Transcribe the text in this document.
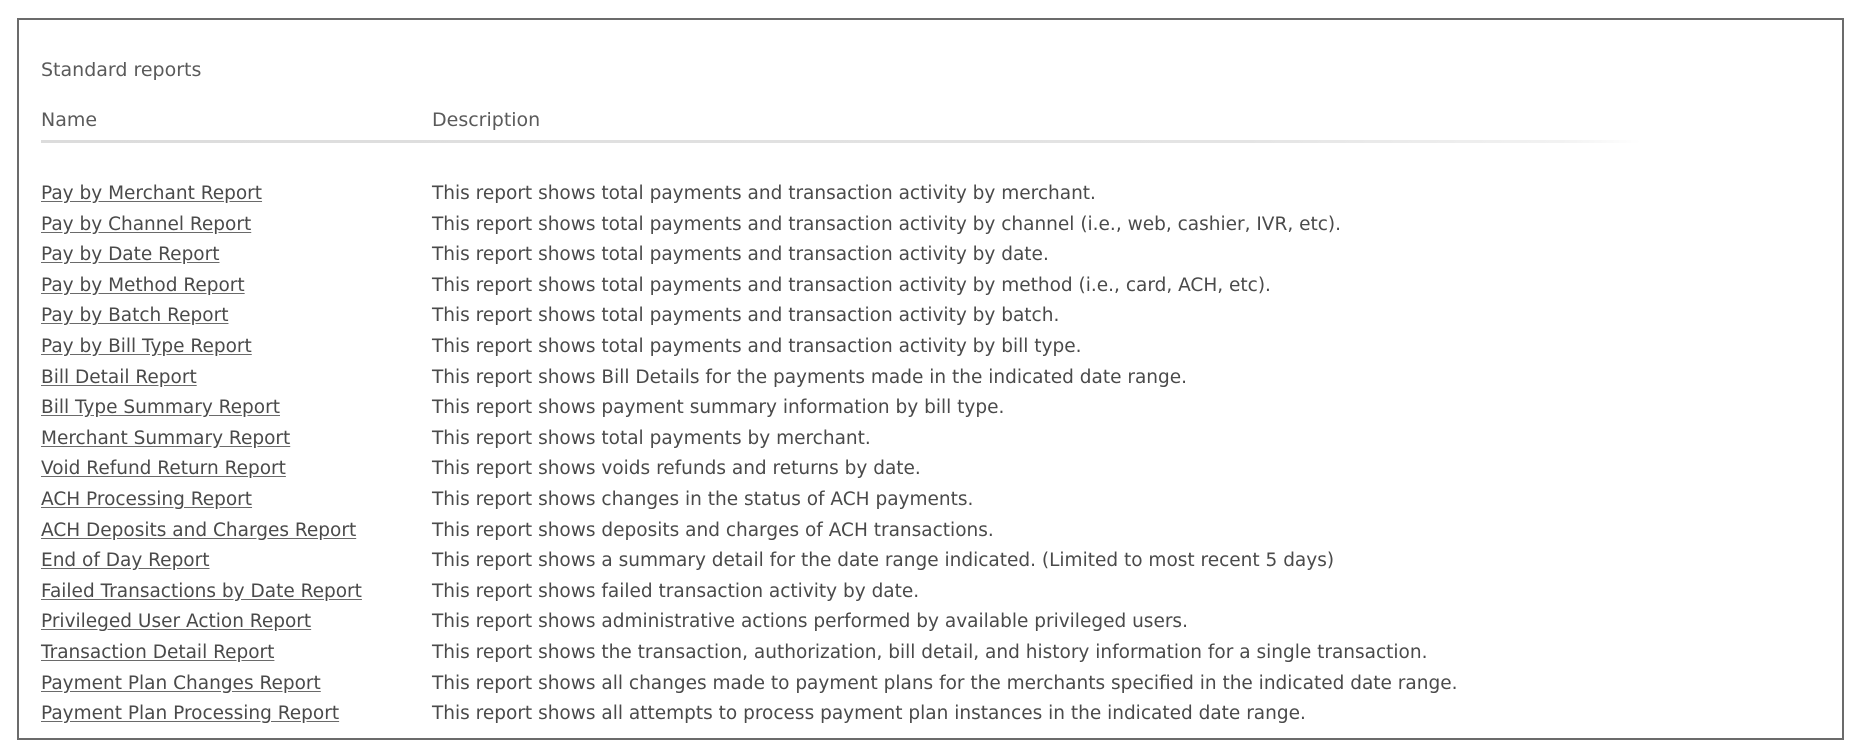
Standard reports
Name	Description
Pay by Merchant Report	This report shows total payments and transaction activity by merchant.
Pay by Channel Report	This report shows total payments and transaction activity by channel (i.e., web, cashier, IVR, etc).
Pay by Date Report	This report shows total payments and transaction activity by date.
Pay by Method Report	This report shows total payments and transaction activity by method (i.e., card, ACH, etc).
Pay by Batch Report	This report shows total payments and transaction activity by batch.
Pay by Bill Type Report	This report shows total payments and transaction activity by bill type.
Bill Detail Report	This report shows Bill Details for the payments made in the indicated date range.
Bill Type Summary Report	This report shows payment summary information by bill type.
Merchant Summary Report	This report shows total payments by merchant.
Void Refund Return Report	This report shows voids refunds and returns by date.
ACH Processing Report	This report shows changes in the status of ACH payments.
ACH Deposits and Charges Report	This report shows deposits and charges of ACH transactions.
End of Day Report	This report shows a summary detail for the date range indicated. (Limited to most recent 5 days)
Failed Transactions by Date Report	This report shows failed transaction activity by date.
Privileged User Action Report	This report shows administrative actions performed by available privileged users.
Transaction Detail Report	This report shows the transaction, authorization, bill detail, and history information for a single transaction.
Payment Plan Changes Report	This report shows all changes made to payment plans for the merchants specified in the indicated date range.
Payment Plan Processing Report	This report shows all attempts to process payment plan instances in the indicated date range.
